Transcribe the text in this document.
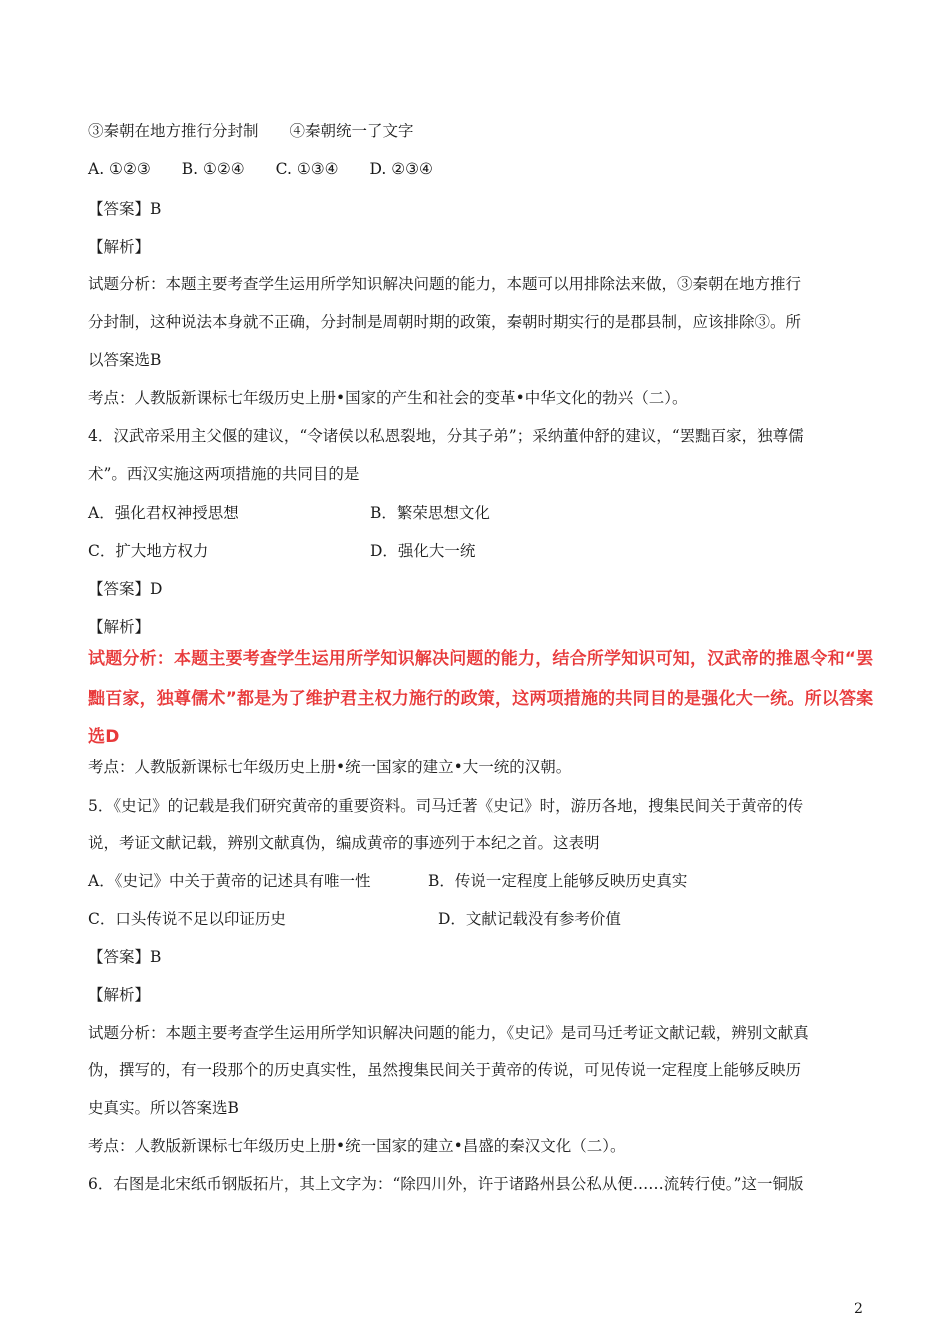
③秦朝在地方推行分封制　　④秦朝统一了文字
A. ①②③　　B. ①②④　　C. ①③④　　D. ②③④
【答案】B
【解析】
试题分析：本题主要考查学生运用所学知识解决问题的能力，本题可以用排除法来做，③秦朝在地方推行
分封制，这种说法本身就不正确，分封制是周朝时期的政策，秦朝时期实行的是郡县制，应该排除③。所
以答案选B
考点：人教版新课标七年级历史上册•国家的产生和社会的变革•中华文化的勃兴（二）。
4．汉武帝采用主父偃的建议，“令诸侯以私恩裂地，分其子弟”；采纳董仲舒的建议，“罢黜百家，独尊儒
术”。西汉实施这两项措施的共同目的是
A．强化君权神授思想	B．繁荣思想文化
C．扩大地方权力	D．强化大一统
【答案】D
【解析】
试题分析：本题主要考查学生运用所学知识解决问题的能力，结合所学知识可知，汉武帝的推恩令和“罢
黜百家，独尊儒术”都是为了维护君主权力施行的政策，这两项措施的共同目的是强化大一统。所以答案
选D
考点：人教版新课标七年级历史上册•统一国家的建立•大一统的汉朝。
5．《史记》的记载是我们研究黄帝的重要资料。司马迁著《史记》时，游历各地，搜集民间关于黄帝的传
说，考证文献记载，辨别文献真伪，编成黄帝的事迹列于本纪之首。这表明
A．《史记》中关于黄帝的记述具有唯一性	B．传说一定程度上能够反映历史真实
C．口头传说不足以印证历史	D．文献记载没有参考价值
【答案】B
【解析】
试题分析：本题主要考查学生运用所学知识解决问题的能力，《史记》是司马迁考证文献记载，辨别文献真
伪，撰写的，有一段那个的历史真实性，虽然搜集民间关于黄帝的传说，可见传说一定程度上能够反映历
史真实。所以答案选B
考点：人教版新课标七年级历史上册•统一国家的建立•昌盛的秦汉文化（二）。
6．右图是北宋纸币钢版拓片，其上文字为：“除四川外，许于诸路州县公私从便……流转行使。”这一铜版
2
